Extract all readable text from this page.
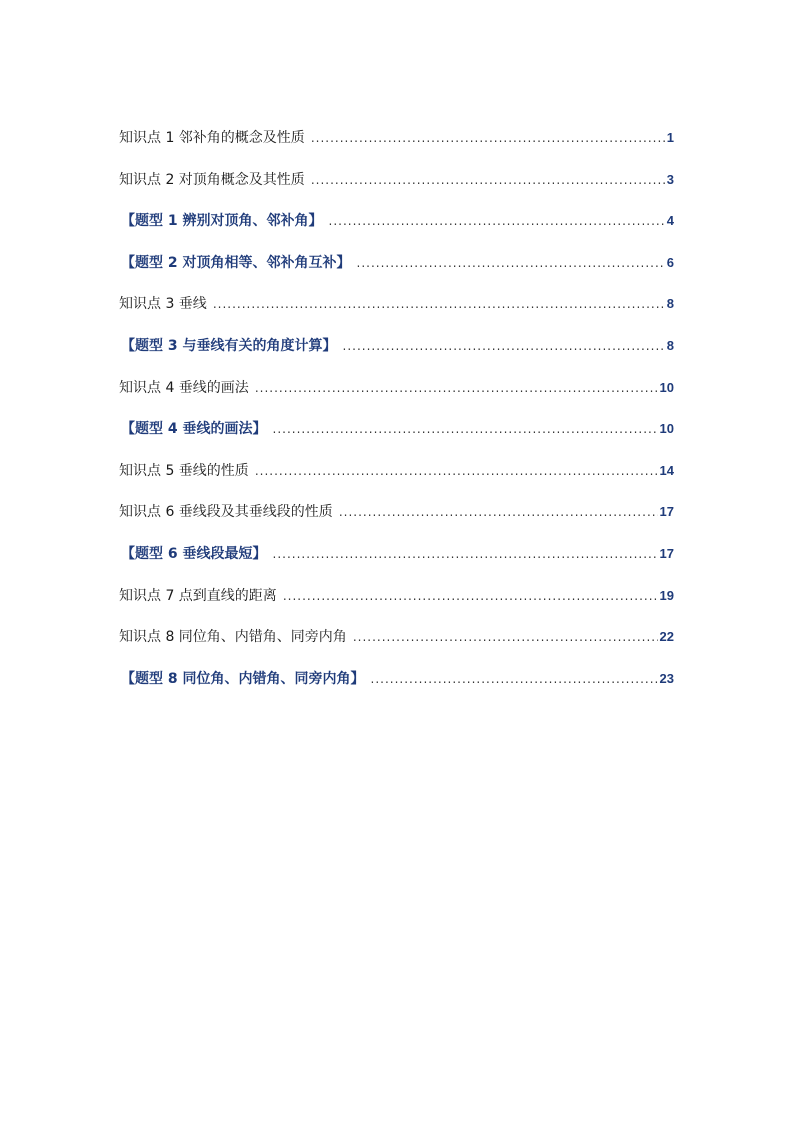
知识点 1 邻补角的概念及性质 .....	1
知识点 2 对顶角概念及其性质 .....	3
【题型 1 辨别对顶角、邻补角】 .....	4
【题型 2 对顶角相等、邻补角互补】 .....	6
知识点 3 垂线 .....	8
【题型 3 与垂线有关的角度计算】 .....	8
知识点 4 垂线的画法 .....	10
【题型 4 垂线的画法】 .....	10
知识点 5 垂线的性质 .....	14
知识点 6 垂线段及其垂线段的性质 .....	17
【题型 6 垂线段最短】 .....	17
知识点 7 点到直线的距离 .....	19
知识点 8 同位角、内错角、同旁内角 .....	22
【题型 8 同位角、内错角、同旁内角】 .....	23
